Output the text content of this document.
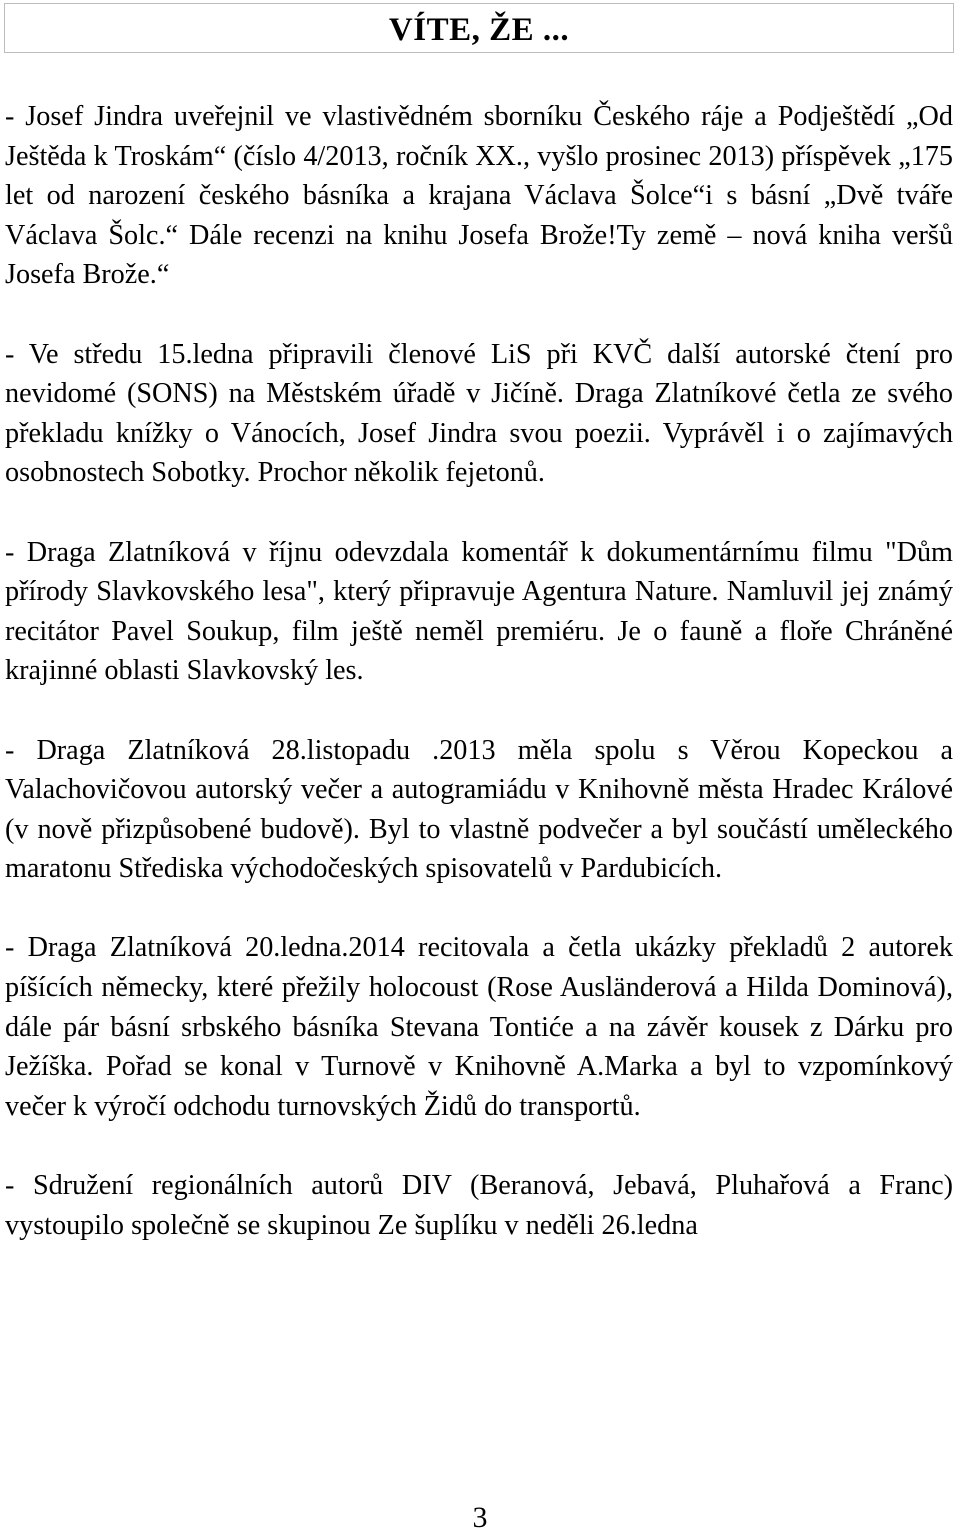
VÍTE, ŽE ...

- Josef Jindra uveřejnil ve vlastivědném sborníku Českého ráje a Podještědí „Od Ještěda k Troskám“ (číslo 4/2013, ročník XX., vyšlo prosinec 2013) příspěvek „175 let od narození českého básníka a krajana Václava Šolce“i s básní „Dvě tváře Václava Šolc.“ Dále recenzi na knihu Josefa Brože!Ty země – nová kniha veršů Josefa Brože.“

- Ve středu 15.ledna připravili členové LiS při KVČ další autorské čtení pro nevidomé (SONS) na Městském úřadě v Jičíně. Draga Zlatníkové četla ze svého překladu knížky o Vánocích, Josef Jindra svou poezii. Vyprávěl i o zajímavých osobnostech Sobotky. Prochor několik fejetonů.

- Draga Zlatníková v říjnu odevzdala komentář k dokumentárnímu filmu "Dům přírody Slavkovského lesa", který připravuje Agentura Nature. Namluvil jej známý recitátor Pavel Soukup, film ještě neměl premiéru. Je o fauně a floře Chráněné krajinné oblasti Slavkovský les.

- Draga Zlatníková 28.listopadu .2013 měla spolu s Věrou Kopeckou a Valachovičovou autorský večer a autogramiádu v Knihovně města Hradec Králové (v nově přizpůsobené budově). Byl to vlastně podvečer a byl součástí uměleckého maratonu Střediska východočeských spisovatelů v Pardubicích.

- Draga Zlatníková 20.ledna.2014 recitovala a četla ukázky překladů 2 autorek píšících německy, které přežily holocoust (Rose Ausländerová a Hilda Dominová), dále pár básní srbského básníka Stevana Tontiće a na závěr kousek z Dárku pro Ježíška. Pořad se konal v Turnově v Knihovně A.Marka a byl to vzpomínkový večer k výročí odchodu turnovských Židů do transportů.

- Sdružení regionálních autorů DIV (Beranová, Jebavá, Pluhařová a Franc) vystoupilo společně se skupinou Ze šuplíku v neděli 26.ledna

3
